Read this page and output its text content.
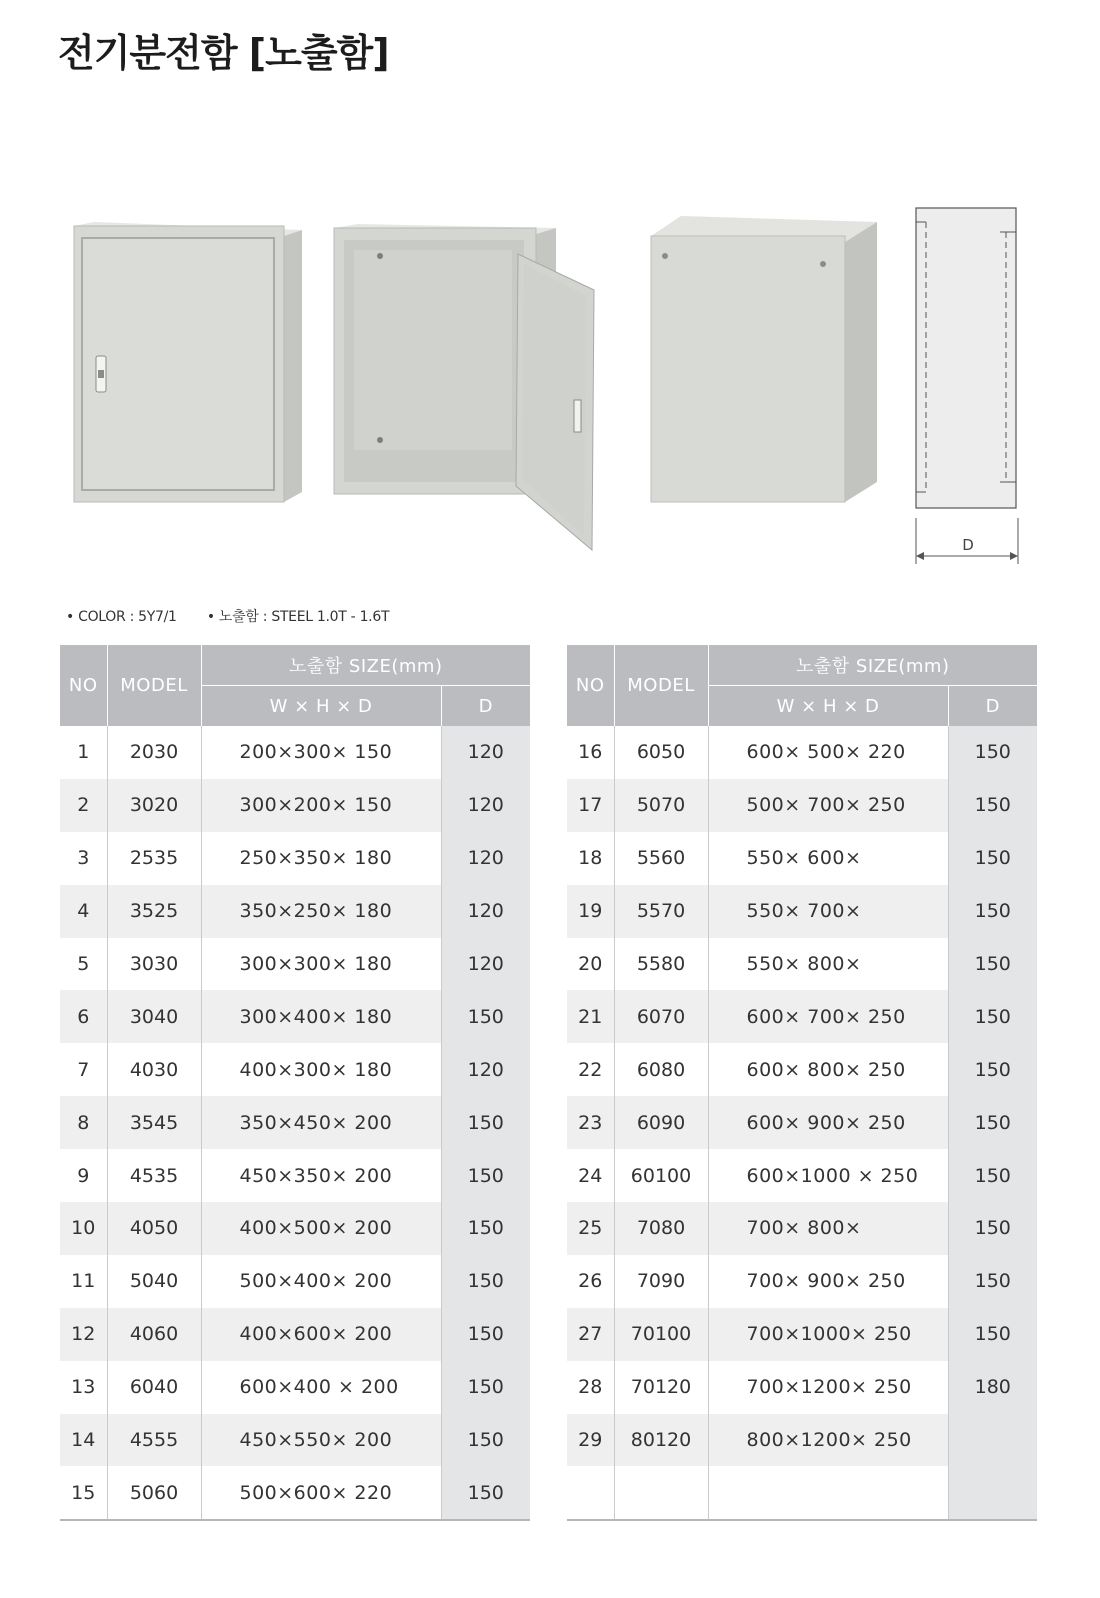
전기분전함 [노출함]
D
• COLOR : 5Y7/1 • 노출함 : STEEL 1.0T - 1.6T
NO	MODEL	노출함 SIZE(mm)	
		W × H × D	D
1	2030	200×300× 150	120
2	3020	300×200× 150	120
3	2535	250×350× 180	120
4	3525	350×250× 180	120
5	3030	300×300× 180	120
6	3040	300×400× 180	150
7	4030	400×300× 180	120
8	3545	350×450× 200	150
9	4535	450×350× 200	150
10	4050	400×500× 200	150
11	5040	500×400× 200	150
12	4060	400×600× 200	150
13	6040	600×400 × 200	150
14	4555	450×550× 200	150
15	5060	500×600× 220	150
NO	MODEL	노출함 SIZE(mm)	
		W × H × D	D
16	6050	600× 500× 220	150
17	5070	500× 700× 250	150
18	5560	550× 600×	150
19	5570	550× 700×	150
20	5580	550× 800×	150
21	6070	600× 700× 250	150
22	6080	600× 800× 250	150
23	6090	600× 900× 250	150
24	60100	600×1000 × 250	150
25	7080	700× 800×	150
26	7090	700× 900× 250	150
27	70100	700×1000× 250	150
28	70120	700×1200× 250	180
29	80120	800×1200× 250	
